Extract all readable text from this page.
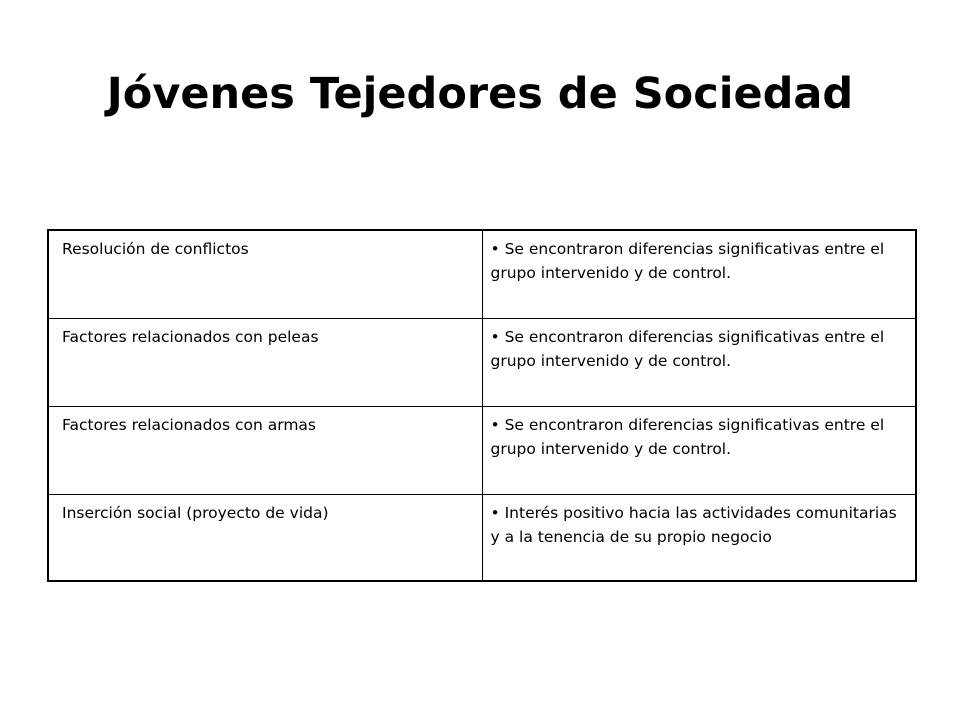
Jóvenes Tejedores de Sociedad
Resolución de conflictos	• Se encontraron diferencias significativas entre el grupo intervenido y de control.
Factores relacionados con peleas	• Se encontraron diferencias significativas entre el grupo intervenido y de control.
Factores relacionados con armas	• Se encontraron diferencias significativas entre el grupo intervenido y de control.
Inserción social (proyecto de vida)	• Interés positivo hacia las actividades comunitarias y a la tenencia de su propio negocio
